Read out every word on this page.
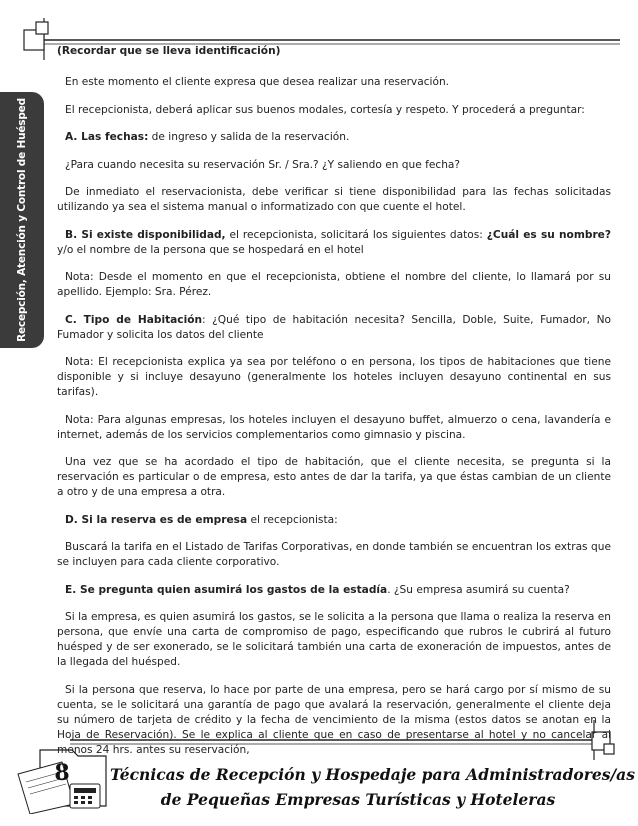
Recepción, Atención y Control de Huésped

(Recordar que se lleva identificación)

En este momento el cliente expresa que desea realizar una reservación.

El recepcionista, deberá aplicar sus buenos modales, cortesía y respeto. Y procederá a preguntar:

A. Las fechas: de ingreso y salida de la reservación.

¿Para cuando necesita su reservación Sr. / Sra.? ¿Y saliendo en que fecha?

De inmediato el reservacionista, debe verificar si tiene disponibilidad para las fechas solicitadas utilizando ya sea el sistema manual o informatizado con que cuente el hotel.

B. Si existe disponibilidad, el recepcionista, solicitará los siguientes datos: ¿Cuál es su nombre? y/o el nombre de la persona que se hospedará en el hotel

Nota: Desde el momento en que el recepcionista, obtiene el nombre del cliente, lo llamará por su apellido. Ejemplo: Sra. Pérez.

C. Tipo de Habitación: ¿Qué tipo de habitación necesita? Sencilla, Doble, Suite, Fumador, No Fumador y solicita los datos del cliente

Nota: El recepcionista explica ya sea por teléfono o en persona, los tipos de habitaciones que tiene disponible y si incluye desayuno (generalmente los hoteles incluyen desayuno continental en sus tarifas).

Nota: Para algunas empresas, los hoteles incluyen el desayuno buffet, almuerzo o cena, lavandería e internet, además de los servicios complementarios como gimnasio y piscina.

Una vez que se ha acordado el tipo de habitación, que el cliente necesita, se pregunta si la reservación es particular o de empresa, esto antes de dar la tarifa, ya que éstas cambian de un cliente a otro y de una empresa a otra.

D. Si la reserva es de empresa el recepcionista:

Buscará la tarifa en el Listado de Tarifas Corporativas, en donde también se encuentran los extras que se incluyen para cada cliente corporativo.

E. Se pregunta quien asumirá los gastos de la estadía. ¿Su empresa asumirá su cuenta?

Si la empresa, es quien asumirá los gastos, se le solicita a la persona que llama o realiza la reserva en persona, que envíe una carta de compromiso de pago, especificando que rubros le cubrirá al futuro huésped y de ser exonerado, se le solicitará también una carta de exoneración de impuestos, antes de la llegada del huésped.

Si la persona que reserva, lo hace por parte de una empresa, pero se hará cargo por sí mismo de su cuenta, se le solicitará una garantía de pago que avalará la reservación, generalmente el cliente deja su número de tarjeta de crédito y la fecha de vencimiento de la misma (estos datos se anotan en la Hoja de Reservación). Se le explica al cliente que en caso de presentarse al hotel y no cancelar al menos 24 hrs. antes su reservación,

8	Técnicas de Recepción y Hospedaje para Administradores/as
de Pequeñas Empresas Turísticas y Hoteleras
